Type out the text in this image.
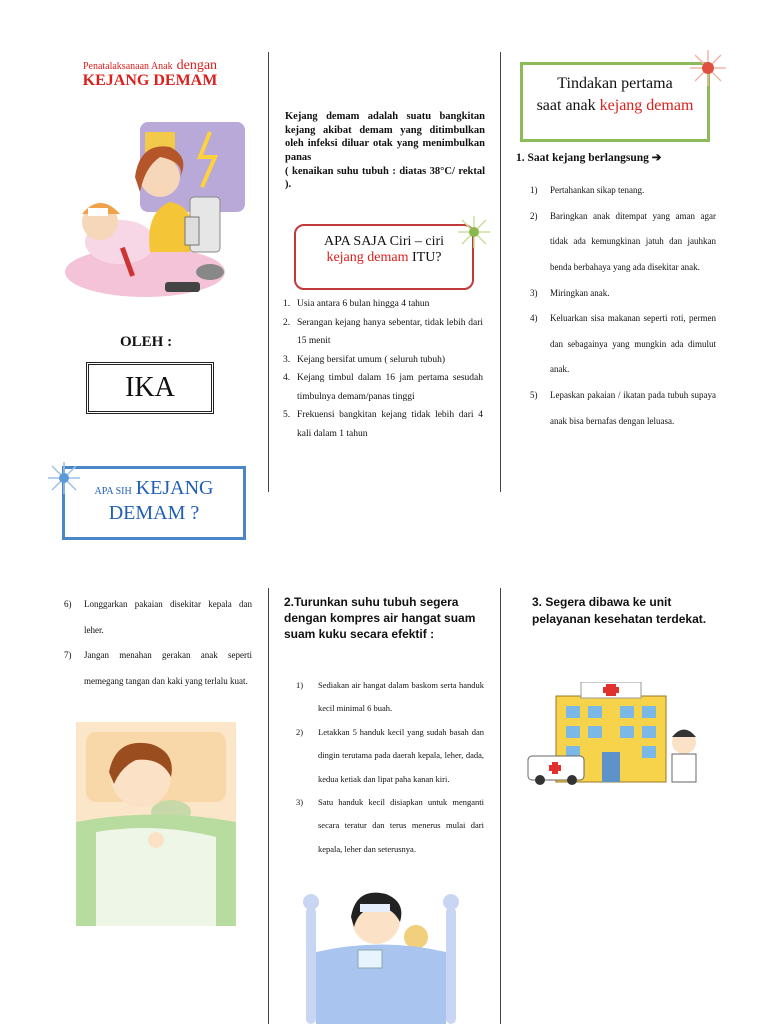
Penatalaksanaan Anak dengan
KEJANG DEMAM
OLEH :
IKA
APA SIH KEJANG
DEMAM ?
Kejang demam adalah suatu bangkitan kejang akibat demam yang ditimbulkan oleh infeksi diluar otak yang menimbulkan panas
( kenaikan suhu tubuh : diatas 38°C/ rektal ).
APA SAJA Ciri – ciri
kejang demam ITU?
1. Usia antara 6 bulan hingga 4 tahun
2. Serangan kejang hanya sebentar, tidak lebih dari 15 menit
3. Kejang bersifat umum ( seluruh tubuh)
4. Kejang timbul dalam 16 jam pertama sesudah timbulnya demam/panas tinggi
5. Frekuensi bangkitan kejang tidak lebih dari 4 kali dalam 1 tahun
Tindakan pertama
saat anak kejang demam
1. Saat kejang berlangsung ➔
1) Pertahankan sikap tenang.
2) Baringkan anak ditempat yang aman agar tidak ada kemungkinan jatuh dan jauhkan benda berbahaya yang ada disekitar anak.
3) Miringkan anak.
4) Keluarkan sisa makanan seperti roti, permen dan sebagainya yang mungkin ada dimulut anak.
5) Lepaskan pakaian / ikatan pada tubuh supaya anak bisa bernafas dengan leluasa.
6) Longgarkan pakaian disekitar kepala dan leher.
7) Jangan menahan gerakan anak seperti memegang tangan dan kaki yang terlalu kuat.
2.Turunkan suhu tubuh segera dengan kompres air hangat suam suam kuku secara efektif :
1) Sediakan air hangat dalam baskom serta handuk kecil minimal 6 buah.
2) Letakkan 5 handuk kecil yang sudah basah dan dingin terutama pada daerah kepala, leher, dada, kedua ketiak dan lipat paha kanan kiri.
3) Satu handuk kecil disiapkan untuk menganti secara teratur dan terus menerus mulai dari kepala, leher dan seterusnya.
3. Segera dibawa ke unit pelayanan kesehatan terdekat.
